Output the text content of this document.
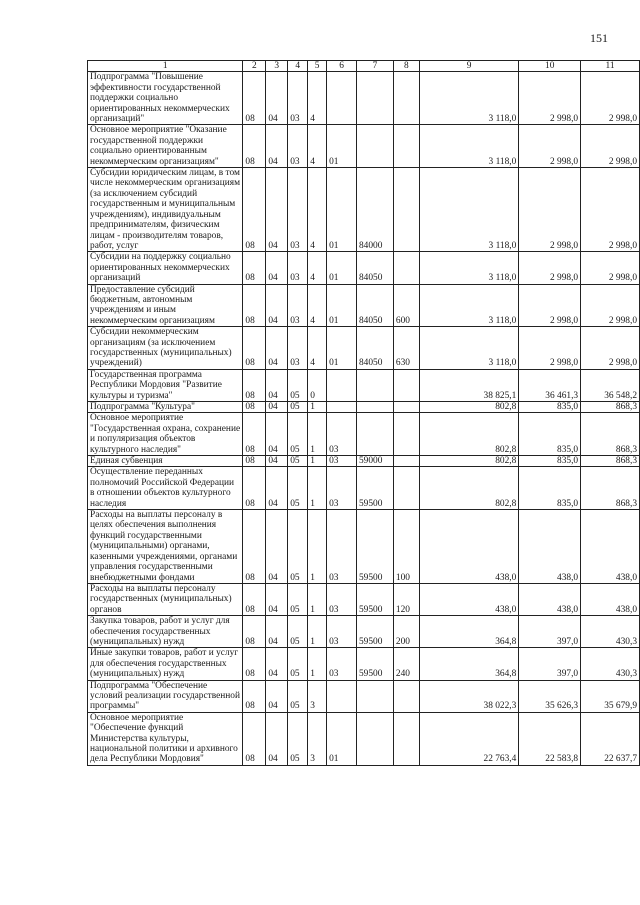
151
1	2	3	4	5	6	7	8	9	10	11
Подпрограмма "Повышение эффективности государственной поддержки социально ориентированных некоммерческих организаций"	08	04	03	4				3 118,0	2 998,0	2 998,0
Основное мероприятие "Оказание государственной поддержки социально ориентированным некоммерческим организациям"	08	04	03	4	01			3 118,0	2 998,0	2 998,0
Субсидии юридическим лицам, в том числе некоммерческим организациям (за исключением субсидий государственным и муниципальным учреждениям), индивидуальным предпринимателям, физическим лицам - производителям товаров, работ, услуг	08	04	03	4	01	84000		3 118,0	2 998,0	2 998,0
Субсидии на поддержку социально ориентированных некоммерческих организаций	08	04	03	4	01	84050		3 118,0	2 998,0	2 998,0
Предоставление субсидий бюджетным, автономным учреждениям и иным некоммерческим организациям	08	04	03	4	01	84050	600	3 118,0	2 998,0	2 998,0
Субсидии некоммерческим организациям (за исключением государственных (муниципальных) учреждений)	08	04	03	4	01	84050	630	3 118,0	2 998,0	2 998,0
Государственная программа Республики Мордовия "Развитие культуры и туризма"	08	04	05	0				38 825,1	36 461,3	36 548,2
Подпрограмма "Культура"	08	04	05	1				802,8	835,0	868,3
Основное мероприятие "Государственная охрана, сохранение и популяризация объектов культурного наследия"	08	04	05	1	03			802,8	835,0	868,3
Единая субвенция	08	04	05	1	03	59000		802,8	835,0	868,3
Осуществление переданных полномочий Российской Федерации в отношении объектов культурного наследия	08	04	05	1	03	59500		802,8	835,0	868,3
Расходы на выплаты персоналу в целях обеспечения выполнения функций государственными (муниципальными) органами, казенными учреждениями, органами управления государственными внебюджетными фондами	08	04	05	1	03	59500	100	438,0	438,0	438,0
Расходы на выплаты персоналу государственных (муниципальных) органов	08	04	05	1	03	59500	120	438,0	438,0	438,0
Закупка товаров, работ и услуг для обеспечения государственных (муниципальных) нужд	08	04	05	1	03	59500	200	364,8	397,0	430,3
Иные закупки товаров, работ и услуг для обеспечения государственных (муниципальных) нужд	08	04	05	1	03	59500	240	364,8	397,0	430,3
Подпрограмма "Обеспечение условий реализации государственной программы"	08	04	05	3				38 022,3	35 626,3	35 679,9
Основное мероприятие "Обеспечение функций Министерства культуры, национальной политики и архивного дела Республики Мордовия"	08	04	05	3	01			22 763,4	22 583,8	22 637,7
